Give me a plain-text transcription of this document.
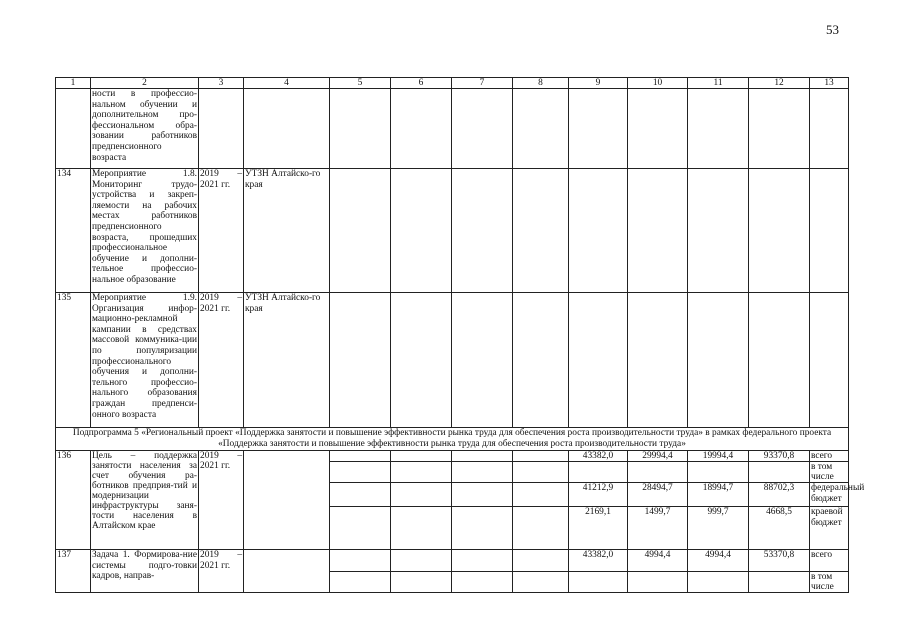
53
1	2	3	4	5	6	7	8	9	10	11	12	13
	ности в профессио-нальном обучении и дополнительном про-фессиональном обра-зовании работников предпенсионного возраста											
134	Мероприятие 1.8. Мониторинг трудо-устройства и закреп-ляемости на рабочих местах работников предпенсионного возраста, прошедших профессиональное обучение и дополни-тельное профессио-нальное образование	2019 – 2021 гг.	УТЗН Алтайско-го края									
135	Мероприятие 1.9. Организация инфор-мационно-рекламной кампании в средствах массовой коммуника-ции по популяризации профессионального обучения и дополни-тельного профессио-нального образования граждан предпенси-онного возраста	2019 – 2021 гг.	УТЗН Алтайско-го края									
Подпрограмма 5 «Региональный проект «Поддержка занятости и повышение эффективности рынка труда для обеспечения роста производительности труда» в рамках федерального проекта «Поддержка занятости и повышение эффективности рынка труда для обеспечения роста производительности труда»												
136	Цель – поддержка занятости населения за счет обучения ра-ботников предприя-тий и модернизации инфраструктуры заня-тости населения в Алтайском крае	2019 – 2021 гг.						43382,0	29994,4	19994,4	93370,8	всего
												в том числе
								41212,9	28494,7	18994,7	88702,3	федеральный бюджет
								2169,1	1499,7	999,7	4668,5	краевой бюджет
137	Задача 1. Формирова-ние системы подго-товки кадров, направ-	2019 – 2021 гг.						43382,0	4994,4	4994,4	53370,8	всего
												в том числе
